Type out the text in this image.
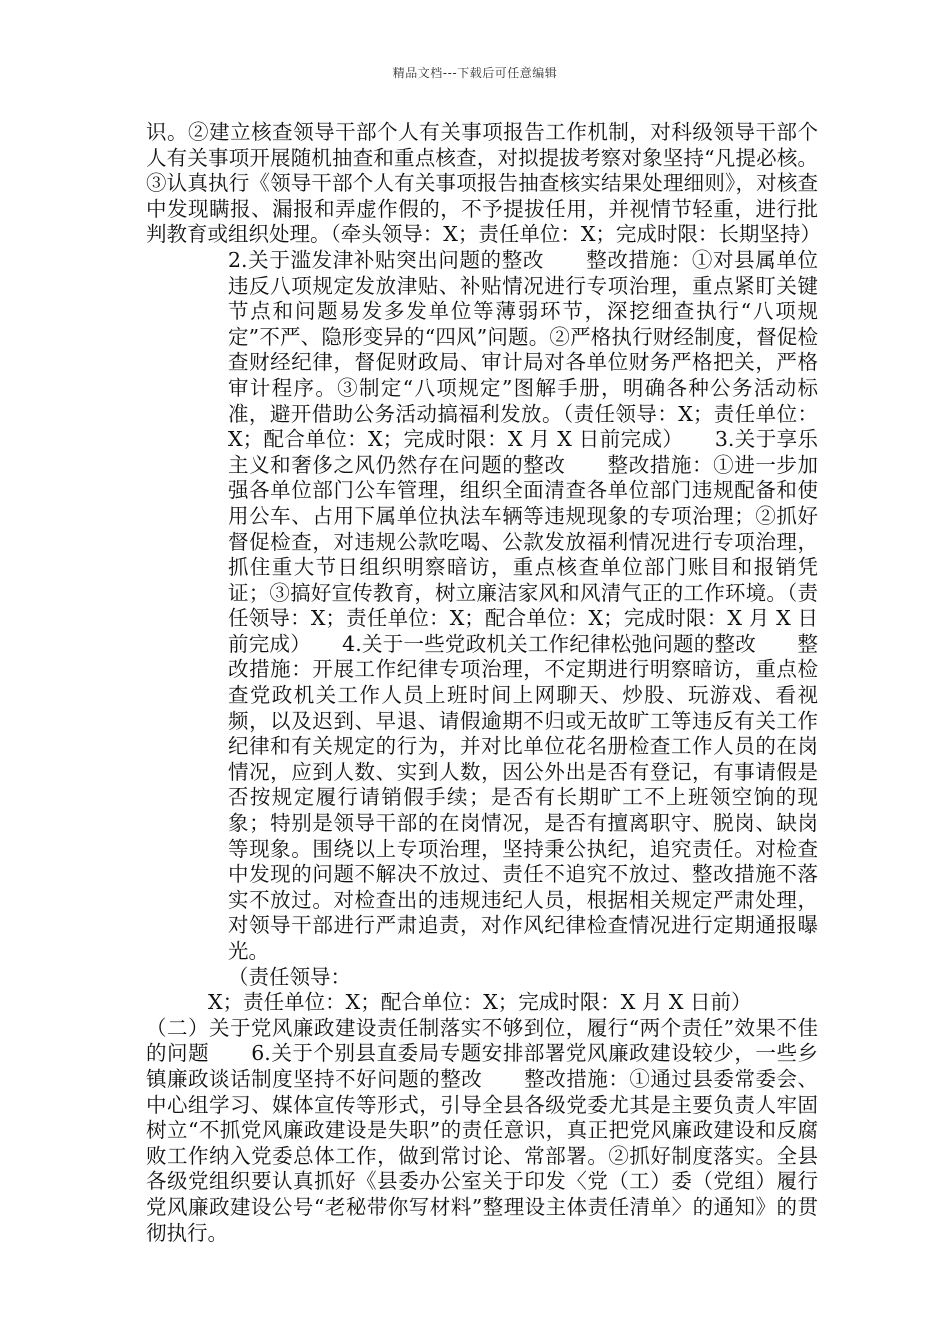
精品文档---下载后可任意编辑

识。②建立核查领导干部个人有关事项报告工作机制，对科级领导干部个人有关事项开展随机抽查和重点核查，对拟提拔考察对象坚持“凡提必核。③认真执行《领导干部个人有关事项报告抽查核实结果处理细则》，对核查中发现瞒报、漏报和弄虚作假的，不予提拔任用，并视情节轻重，进行批判教育或组织处理。（牵头领导：X；责任单位：X；完成时限：长期坚持）

2.关于滥发津补贴突出问题的整改　　整改措施：①对县属单位违反八项规定发放津贴、补贴情况进行专项治理，重点紧盯关键节点和问题易发多发单位等薄弱环节，深挖细查执行“八项规定”不严、隐形变异的“四风”问题。②严格执行财经制度，督促检查财经纪律，督促财政局、审计局对各单位财务严格把关，严格审计程序。③制定“八项规定”图解手册，明确各种公务活动标准，避开借助公务活动搞福利发放。（责任领导：X；责任单位：X；配合单位：X；完成时限：X 月 X 日前完成）　　3.关于享乐主义和奢侈之风仍然存在问题的整改　　整改措施：①进一步加强各单位部门公车管理，组织全面清查各单位部门违规配备和使用公车、占用下属单位执法车辆等违规现象的专项治理；②抓好督促检查，对违规公款吃喝、公款发放福利情况进行专项治理，抓住重大节日组织明察暗访，重点核查单位部门账目和报销凭证；③搞好宣传教育，树立廉洁家风和风清气正的工作环境。（责任领导：X；责任单位：X；配合单位：X；完成时限：X 月 X 日前完成）　　4.关于一些党政机关工作纪律松弛问题的整改　　整改措施：开展工作纪律专项治理，不定期进行明察暗访，重点检查党政机关工作人员上班时间上网聊天、炒股、玩游戏、看视频，以及迟到、早退、请假逾期不归或无故旷工等违反有关工作纪律和有关规定的行为，并对比单位花名册检查工作人员的在岗情况，应到人数、实到人数，因公外出是否有登记，有事请假是否按规定履行请销假手续；是否有长期旷工不上班领空饷的现象；特别是领导干部的在岗情况，是否有擅离职守、脱岗、缺岗等现象。围绕以上专项治理，坚持秉公执纪，追究责任。对检查中发现的问题不解决不放过、责任不追究不放过、整改措施不落实不放过。对检查出的违规违纪人员，根据相关规定严肃处理，对领导干部进行严肃追责，对作风纪律检查情况进行定期通报曝光。

（责任领导：

X；责任单位：X；配合单位：X；完成时限：X 月 X 日前）

（二）关于党风廉政建设责任制落实不够到位，履行“两个责任”效果不佳的问题　　6.关于个别县直委局专题安排部署党风廉政建设较少，一些乡镇廉政谈话制度坚持不好问题的整改　　整改措施：①通过县委常委会、中心组学习、媒体宣传等形式，引导全县各级党委尤其是主要负责人牢固树立“不抓党风廉政建设是失职”的责任意识，真正把党风廉政建设和反腐败工作纳入党委总体工作，做到常讨论、常部署。②抓好制度落实。全县各级党组织要认真抓好《县委办公室关于印发〈党（工）委（党组）履行党风廉政建设公号“老秘带你写材料”整理设主体责任清单〉的通知》的贯彻执行。
